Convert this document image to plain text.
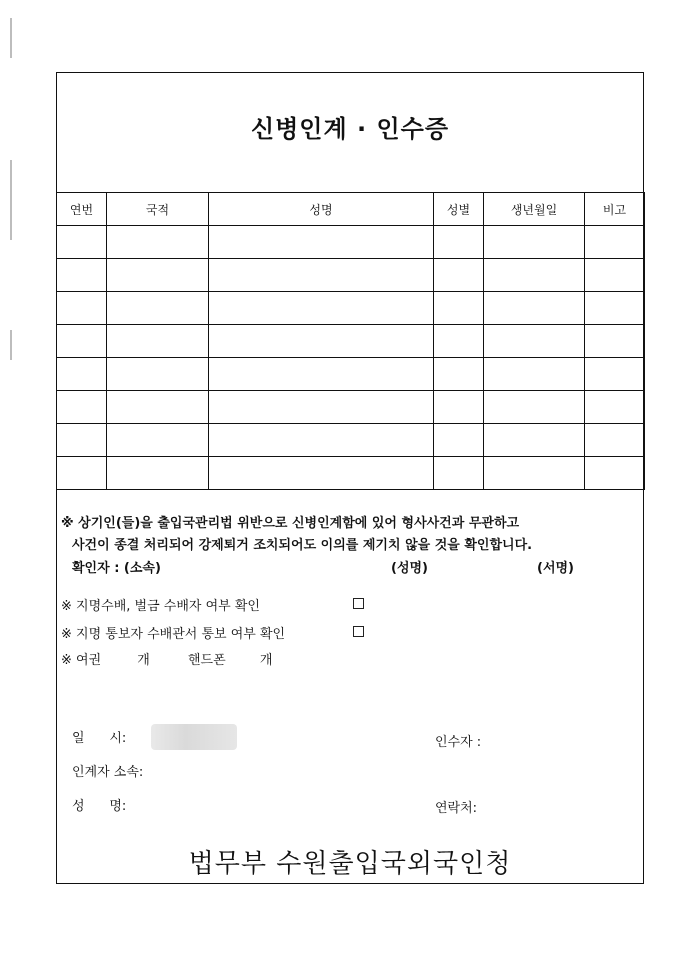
신병인계 · 인수증
연번	국적	성명	성별	생년월일	비고

※ 상기인(들)을 출입국관리법 위반으로 신병인계함에 있어 형사사건과 무관하고
사건이 종결 처리되어 강제퇴거 조치되어도 이의를 제기치 않을 것을 확인합니다.
확인자 : (소속)	(성명)	(서명)
※ 지명수배, 벌금 수배자 여부 확인
※ 지명 통보자 수배관서 통보 여부 확인
※ 여권	개	핸드폰	개
일      시:	인수자 :
인계자 소속:
성      명:	연락처:
법무부 수원출입국외국인청
